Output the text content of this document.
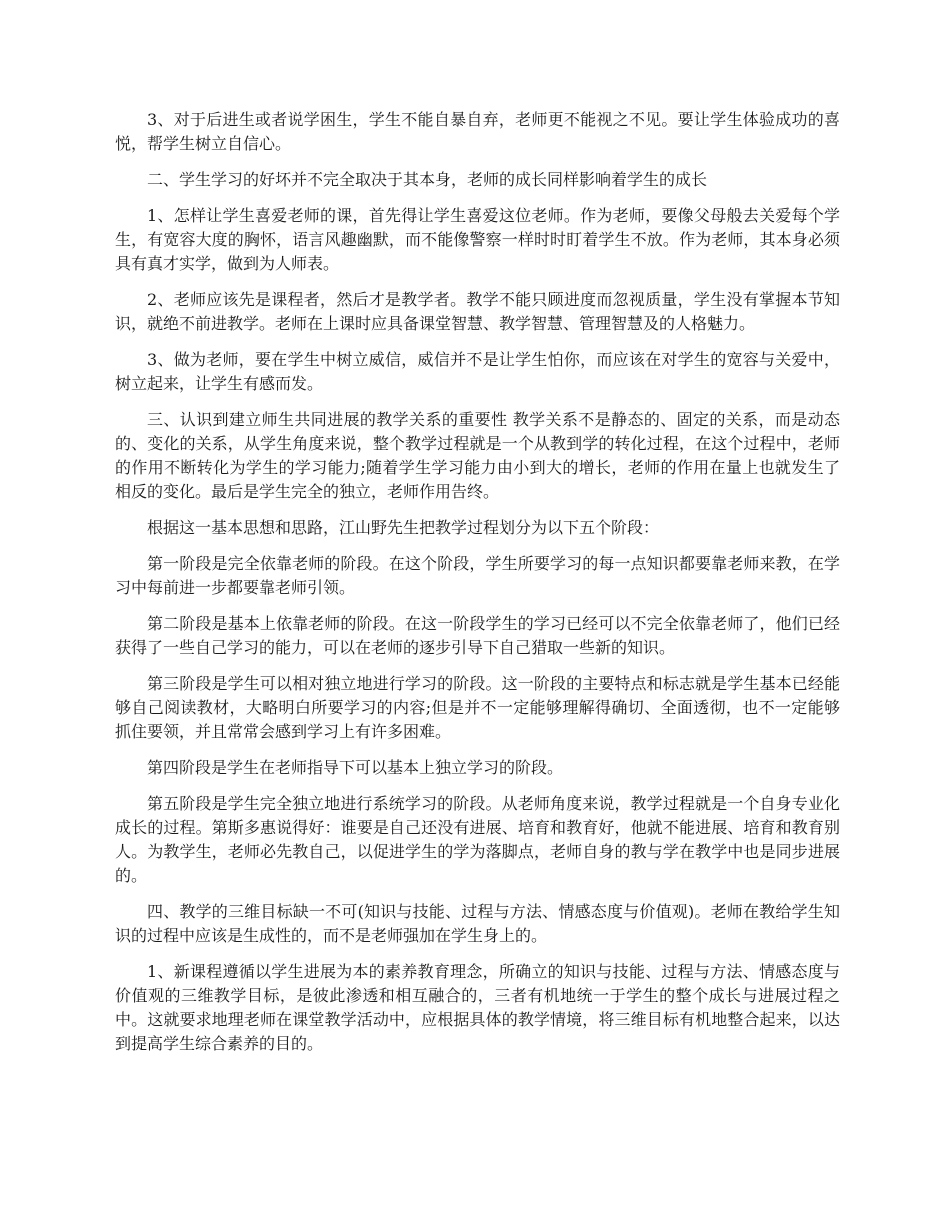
3、对于后进生或者说学困生，学生不能自暴自弃，老师更不能视之不见。要让学生体验成功的喜悦，帮学生树立自信心。

二、学生学习的好坏并不完全取决于其本身，老师的成长同样影响着学生的成长

1、怎样让学生喜爱老师的课，首先得让学生喜爱这位老师。作为老师，要像父母般去关爱每个学生，有宽容大度的胸怀，语言风趣幽默，而不能像警察一样时时盯着学生不放。作为老师，其本身必须具有真才实学，做到为人师表。

2、老师应该先是课程者，然后才是教学者。教学不能只顾进度而忽视质量，学生没有掌握本节知识，就绝不前进教学。老师在上课时应具备课堂智慧、教学智慧、管理智慧及的人格魅力。

3、做为老师，要在学生中树立威信，威信并不是让学生怕你，而应该在对学生的宽容与关爱中，树立起来，让学生有感而发。

三、认识到建立师生共同进展的教学关系的重要性 教学关系不是静态的、固定的关系，而是动态的、变化的关系，从学生角度来说，整个教学过程就是一个从教到学的转化过程，在这个过程中，老师的作用不断转化为学生的学习能力;随着学生学习能力由小到大的增长，老师的作用在量上也就发生了相反的变化。最后是学生完全的独立，老师作用告终。

根据这一基本思想和思路，江山野先生把教学过程划分为以下五个阶段：

第一阶段是完全依靠老师的阶段。在这个阶段，学生所要学习的每一点知识都要靠老师来教，在学习中每前进一步都要靠老师引领。

第二阶段是基本上依靠老师的阶段。在这一阶段学生的学习已经可以不完全依靠老师了，他们已经获得了一些自己学习的能力，可以在老师的逐步引导下自己猎取一些新的知识。

第三阶段是学生可以相对独立地进行学习的阶段。这一阶段的主要特点和标志就是学生基本已经能够自己阅读教材，大略明白所要学习的内容;但是并不一定能够理解得确切、全面透彻，也不一定能够抓住要领，并且常常会感到学习上有许多困难。

第四阶段是学生在老师指导下可以基本上独立学习的阶段。

第五阶段是学生完全独立地进行系统学习的阶段。从老师角度来说，教学过程就是一个自身专业化成长的过程。第斯多惠说得好：谁要是自己还没有进展、培育和教育好，他就不能进展、培育和教育别人。为教学生，老师必先教自己，以促进学生的学为落脚点，老师自身的教与学在教学中也是同步进展的。

四、教学的三维目标缺一不可(知识与技能、过程与方法、情感态度与价值观)。老师在教给学生知识的过程中应该是生成性的，而不是老师强加在学生身上的。

1、新课程遵循以学生进展为本的素养教育理念，所确立的知识与技能、过程与方法、情感态度与价值观的三维教学目标，是彼此渗透和相互融合的，三者有机地统一于学生的整个成长与进展过程之中。这就要求地理老师在课堂教学活动中，应根据具体的教学情境，将三维目标有机地整合起来，以达到提高学生综合素养的目的。
